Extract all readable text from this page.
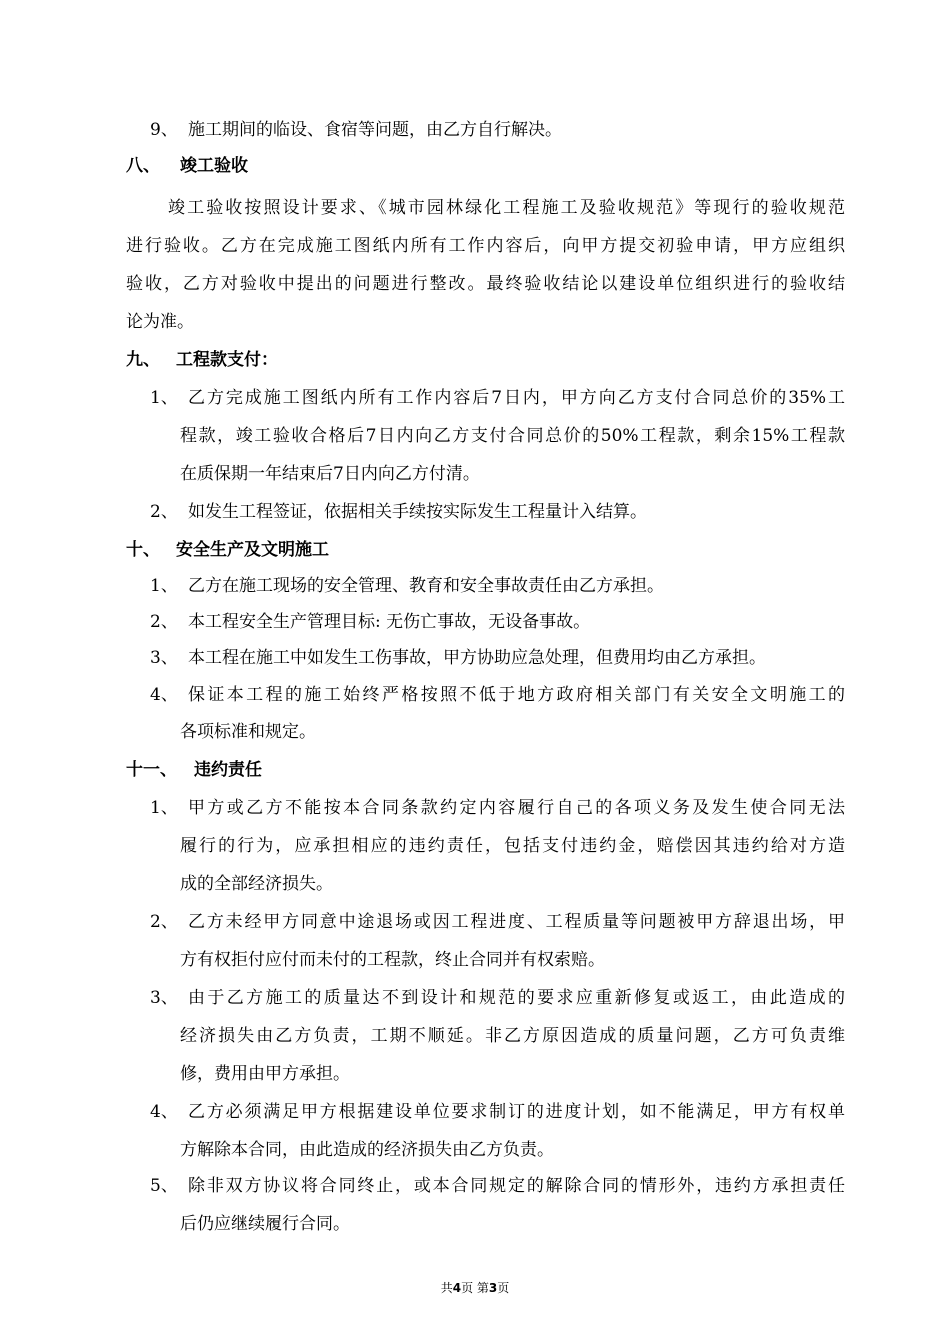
9、 施工期间的临设、食宿等问题，由乙方自行解决。
八、 竣工验收
竣工验收按照设计要求、《城市园林绿化工程施工及验收规范》等现行的验收规范
进行验收。乙方在完成施工图纸内所有工作内容后，向甲方提交初验申请，甲方应组织
验收，乙方对验收中提出的问题进行整改。最终验收结论以建设单位组织进行的验收结
论为准。
九、 工程款支付：
1、 乙方完成施工图纸内所有工作内容后7日内，甲方向乙方支付合同总价的35%工
程款，竣工验收合格后7日内向乙方支付合同总价的50%工程款，剩余15%工程款
在质保期一年结束后7日内向乙方付清。
2、 如发生工程签证，依据相关手续按实际发生工程量计入结算。
十、 安全生产及文明施工
1、 乙方在施工现场的安全管理、教育和安全事故责任由乙方承担。
2、 本工程安全生产管理目标: 无伤亡事故，无设备事故。
3、 本工程在施工中如发生工伤事故，甲方协助应急处理，但费用均由乙方承担。
4、 保证本工程的施工始终严格按照不低于地方政府相关部门有关安全文明施工的
各项标准和规定。
十一、 违约责任
1、 甲方或乙方不能按本合同条款约定内容履行自己的各项义务及发生使合同无法
履行的行为，应承担相应的违约责任，包括支付违约金，赔偿因其违约给对方造
成的全部经济损失。
2、 乙方未经甲方同意中途退场或因工程进度、工程质量等问题被甲方辞退出场，甲
方有权拒付应付而未付的工程款，终止合同并有权索赔。
3、 由于乙方施工的质量达不到设计和规范的要求应重新修复或返工，由此造成的
经济损失由乙方负责，工期不顺延。非乙方原因造成的质量问题，乙方可负责维
修，费用由甲方承担。
4、 乙方必须满足甲方根据建设单位要求制订的进度计划，如不能满足，甲方有权单
方解除本合同，由此造成的经济损失由乙方负责。
5、 除非双方协议将合同终止，或本合同规定的解除合同的情形外，违约方承担责任
后仍应继续履行合同。
共4页 第3页
